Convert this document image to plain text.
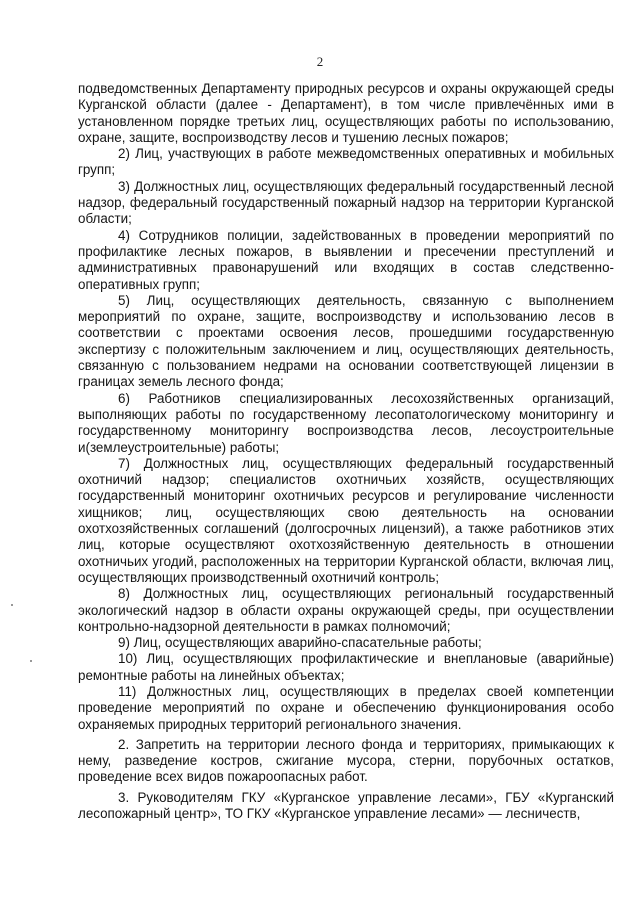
2

подведомственных Департаменту природных ресурсов и охраны окружающей среды Курганской области (далее - Департамент), в том числе привлечённых ими в установленном порядке третьих лиц, осуществляющих работы по использованию, охране, защите, воспроизводству лесов и тушению лесных пожаров;

2) Лиц, участвующих в работе межведомственных оперативных и мобильных групп;

3) Должностных лиц, осуществляющих федеральный государственный лесной надзор, федеральный государственный пожарный надзор на территории Курганской области;

4) Сотрудников полиции, задействованных в проведении мероприятий по профилактике лесных пожаров, в выявлении и пресечении преступлений и административных правонарушений или входящих в состав следственно-оперативных групп;

5) Лиц, осуществляющих деятельность, связанную с выполнением мероприятий по охране, защите, воспроизводству и использованию лесов в соответствии с проектами освоения лесов, прошедшими государственную экспертизу с положительным заключением и лиц, осуществляющих деятельность, связанную с пользованием недрами на основании соответствующей лицензии в границах земель лесного фонда;

6) Работников специализированных лесохозяйственных организаций, выполняющих работы по государственному лесопатологическому мониторингу и государственному мониторингу воспроизводства лесов, лесоустроительные и(землеустроительные) работы;

7) Должностных лиц, осуществляющих федеральный государственный охотничий надзор; специалистов охотничьих хозяйств, осуществляющих государственный мониторинг охотничьих ресурсов и регулирование численности хищников; лиц, осуществляющих свою деятельность на основании охотхозяйственных соглашений (долгосрочных лицензий), а также работников этих лиц, которые осуществляют охотхозяйственную деятельность в отношении охотничьих угодий, расположенных на территории Курганской области, включая лиц, осуществляющих производственный охотничий контроль;

8) Должностных лиц, осуществляющих региональный государственный экологический надзор в области охраны окружающей среды, при осуществлении контрольно-надзорной деятельности в рамках полномочий;

9) Лиц, осуществляющих аварийно-спасательные работы;

10) Лиц, осуществляющих профилактические и внеплановые (аварийные) ремонтные работы на линейных объектах;

11) Должностных лиц, осуществляющих в пределах своей компетенции проведение мероприятий по охране и обеспечению функционирования особо охраняемых природных территорий регионального значения.

2. Запретить на территории лесного фонда и территориях, примыкающих к нему, разведение костров, сжигание мусора, стерни, порубочных остатков, проведение всех видов пожароопасных работ.

3. Руководителям ГКУ «Курганское управление лесами», ГБУ «Курганский лесопожарный центр», ТО ГКУ «Курганское управление лесами» — лесничеств,
